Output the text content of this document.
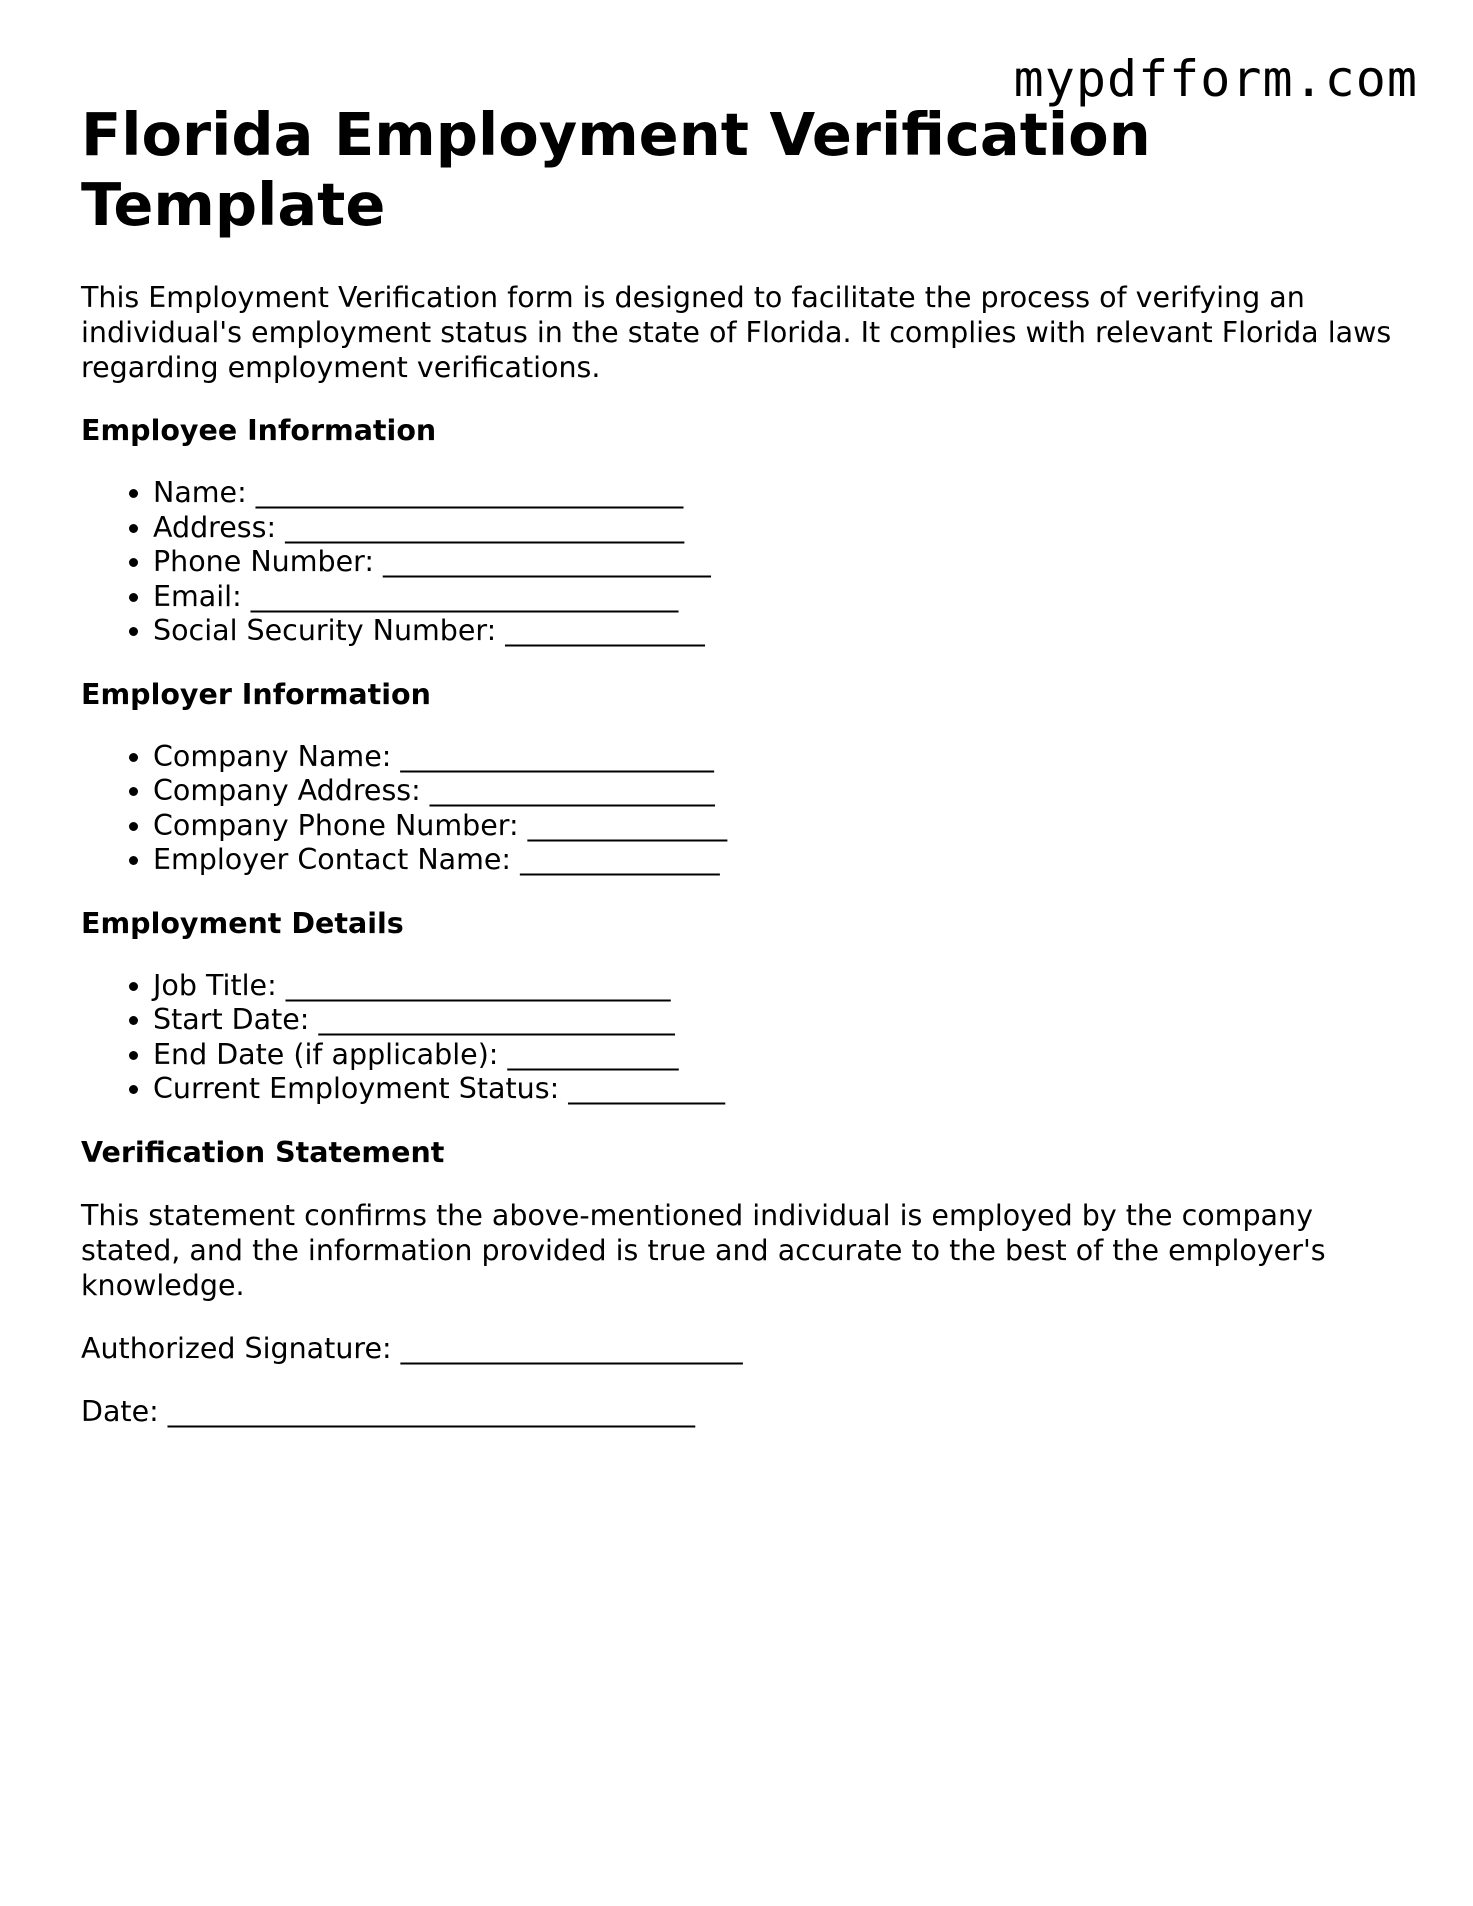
mypdfform.com
Florida Employment Verification Template

This Employment Verification form is designed to facilitate the process of verifying an individual's employment status in the state of Florida. It complies with relevant Florida laws regarding employment verifications.

Employee Information
• Name: ______________________________
• Address: ____________________________
• Phone Number: _______________________
• Email: ______________________________
• Social Security Number: ______________
Employer Information
• Company Name: ______________________
• Company Address: ____________________
• Company Phone Number: ______________
• Employer Contact Name: ______________
Employment Details
• Job Title: ___________________________
• Start Date: _________________________
• End Date (if applicable): ____________
• Current Employment Status: ___________
Verification Statement

This statement confirms the above-mentioned individual is employed by the company stated, and the information provided is true and accurate to the best of the employer's knowledge.

Authorized Signature: ________________________

Date: _____________________________________
